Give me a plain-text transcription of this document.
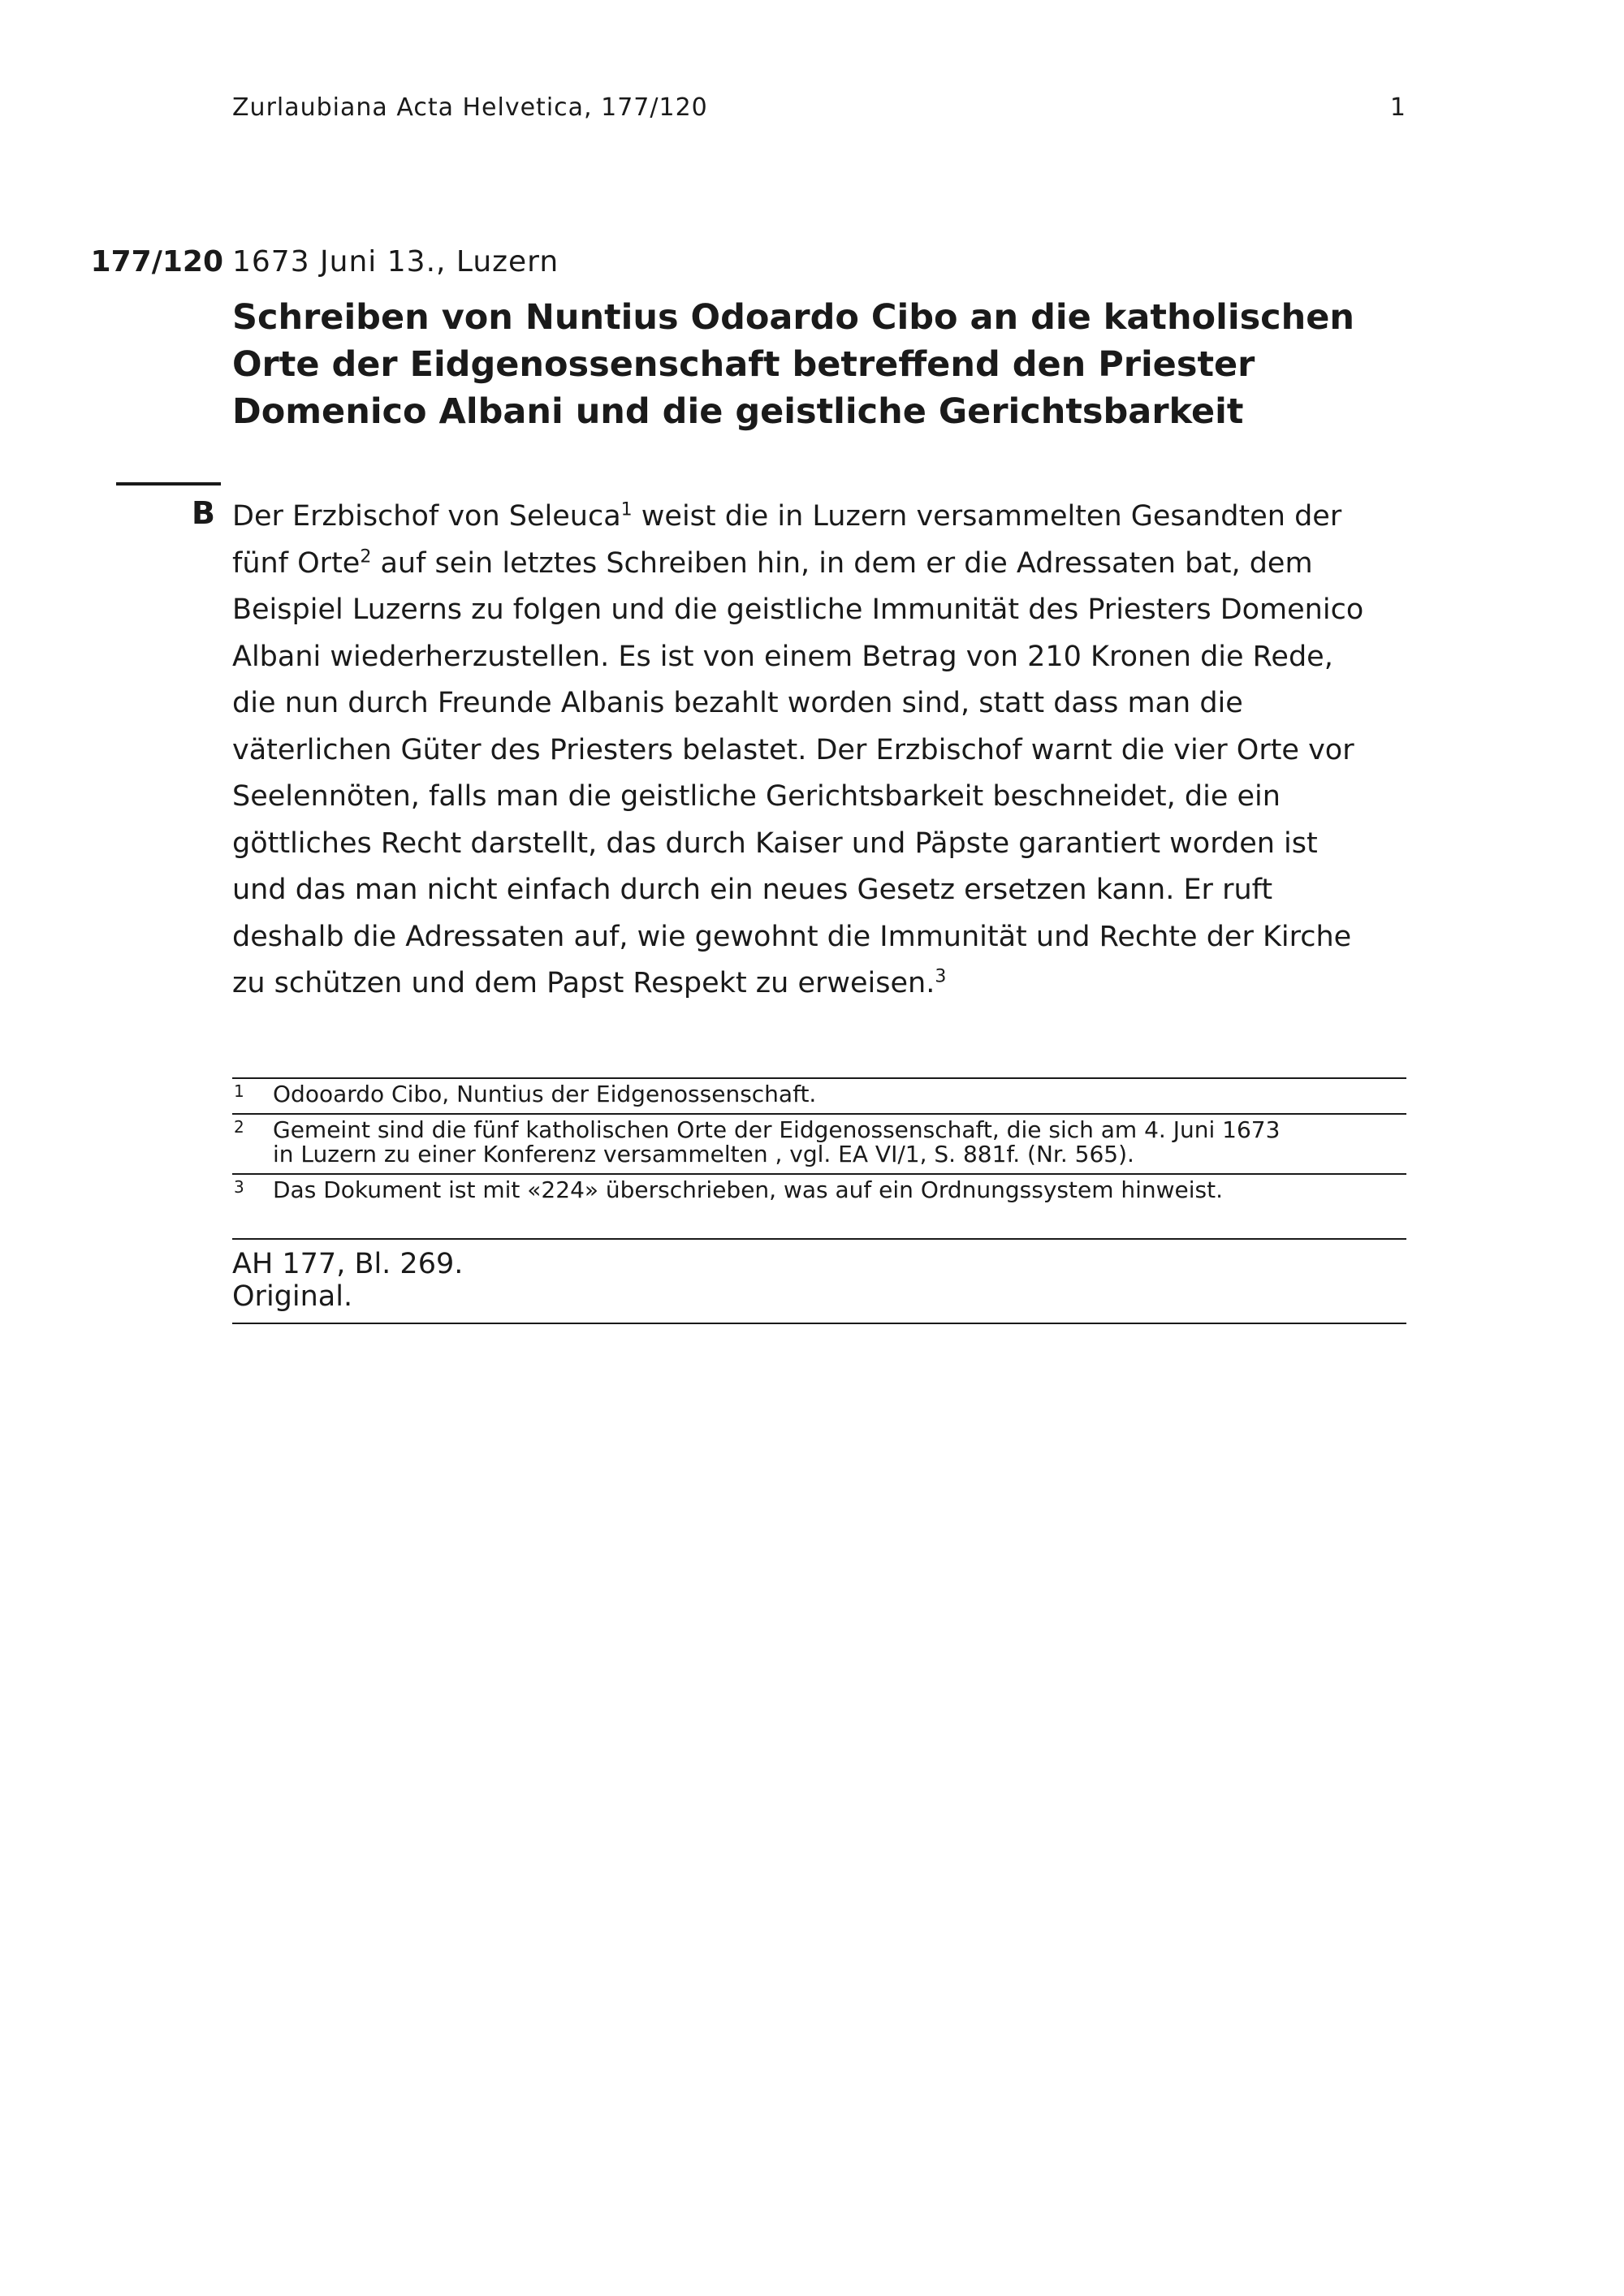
Zurlaubiana Acta Helvetica, 177/120	1
177/120 1673 Juni 13., Luzern
Schreiben von Nuntius Odoardo Cibo an die katholischen Orte der Eidgenossenschaft betreffend den Priester Domenico Albani und die geistliche Gerichtsbarkeit
B Der Erzbischof von Seleuca$^1$ weist die in Luzern versammelten Gesandten der
fünf Orte$^2$ auf sein letztes Schreiben hin, in dem er die Adressaten bat, dem
Beispiel Luzerns zu folgen und die geistliche Immunität des Priesters Domenico
Albani wiederherzustellen. Es ist von einem Betrag von 210 Kronen die Rede,
die nun durch Freunde Albanis bezahlt worden sind, statt dass man die
väterlichen Güter des Priesters belastet. Der Erzbischof warnt die vier Orte vor
Seelennöten, falls man die geistliche Gerichtsbarkeit beschneidet, die ein
göttliches Recht darstellt, das durch Kaiser und Päpste garantiert worden ist
und das man nicht einfach durch ein neues Gesetz ersetzen kann. Er ruft
deshalb die Adressaten auf, wie gewohnt die Immunität und Rechte der Kirche
zu schützen und dem Papst Respekt zu erweisen.$^3$

1 Odooardo Cibo, Nuntius der Eidgenossenschaft.
2 Gemeint sind die fünf katholischen Orte der Eidgenossenschaft, die sich am 4. Juni 1673
in Luzern zu einer Konferenz versammelten , vgl. EA VI/1, S. 881f. (Nr. 565).
3 Das Dokument ist mit «224» überschrieben, was auf ein Ordnungssystem hinweist.
AH 177, Bl. 269.
Original.
